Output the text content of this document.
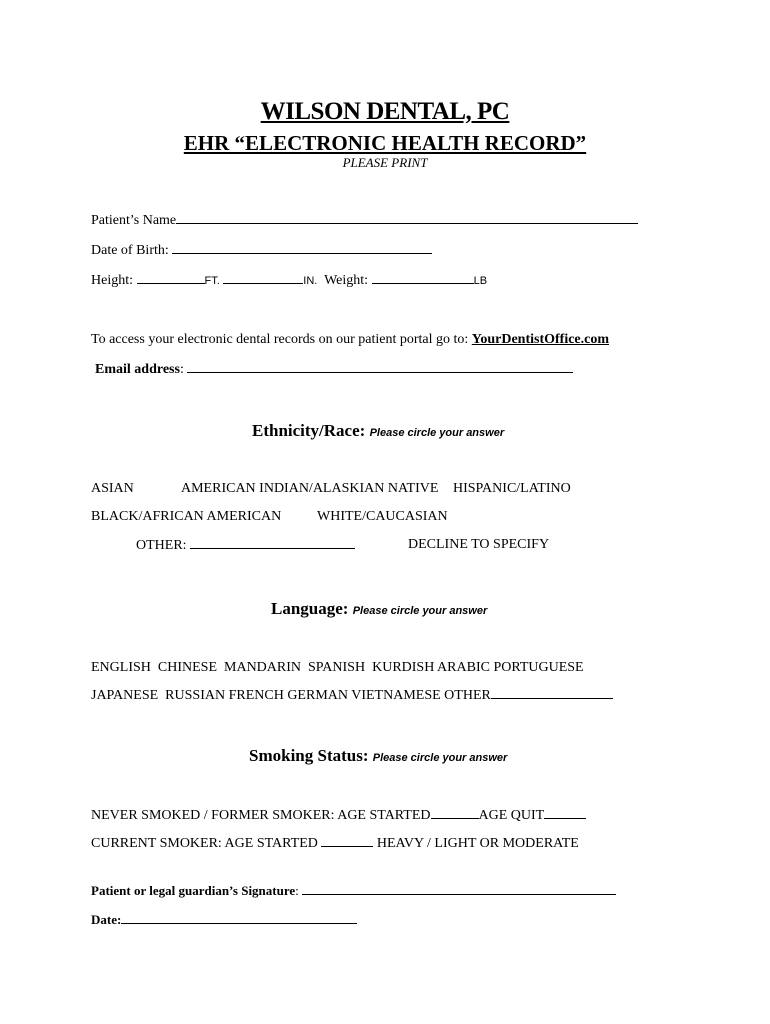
WILSON DENTAL, PC
EHR “ELECTRONIC HEALTH RECORD”
PLEASE PRINT
Patient’s Name
Date of Birth:
Height:	FT.	IN. Weight:	LB
To access your electronic dental records on our patient portal go to: YourDentistOffice.com
Email address:
Ethnicity/Race: Please circle your answer
ASIAN	AMERICAN INDIAN/ALASKIAN NATIVE HISPANIC/LATINO
BLACK/AFRICAN AMERICAN	WHITE/CAUCASIAN
OTHER:	DECLINE TO SPECIFY
Language: Please circle your answer
ENGLISH CHINESE MANDARIN SPANISH KURDISH ARABIC PORTUGUESE
JAPANESE RUSSIAN FRENCH GERMAN VIETNAMESE OTHER
Smoking Status: Please circle your answer
NEVER SMOKED / FORMER SMOKER: AGE STARTED	AGE QUIT
CURRENT SMOKER: AGE STARTED	HEAVY / LIGHT OR MODERATE
Patient or legal guardian’s Signature:
Date:
